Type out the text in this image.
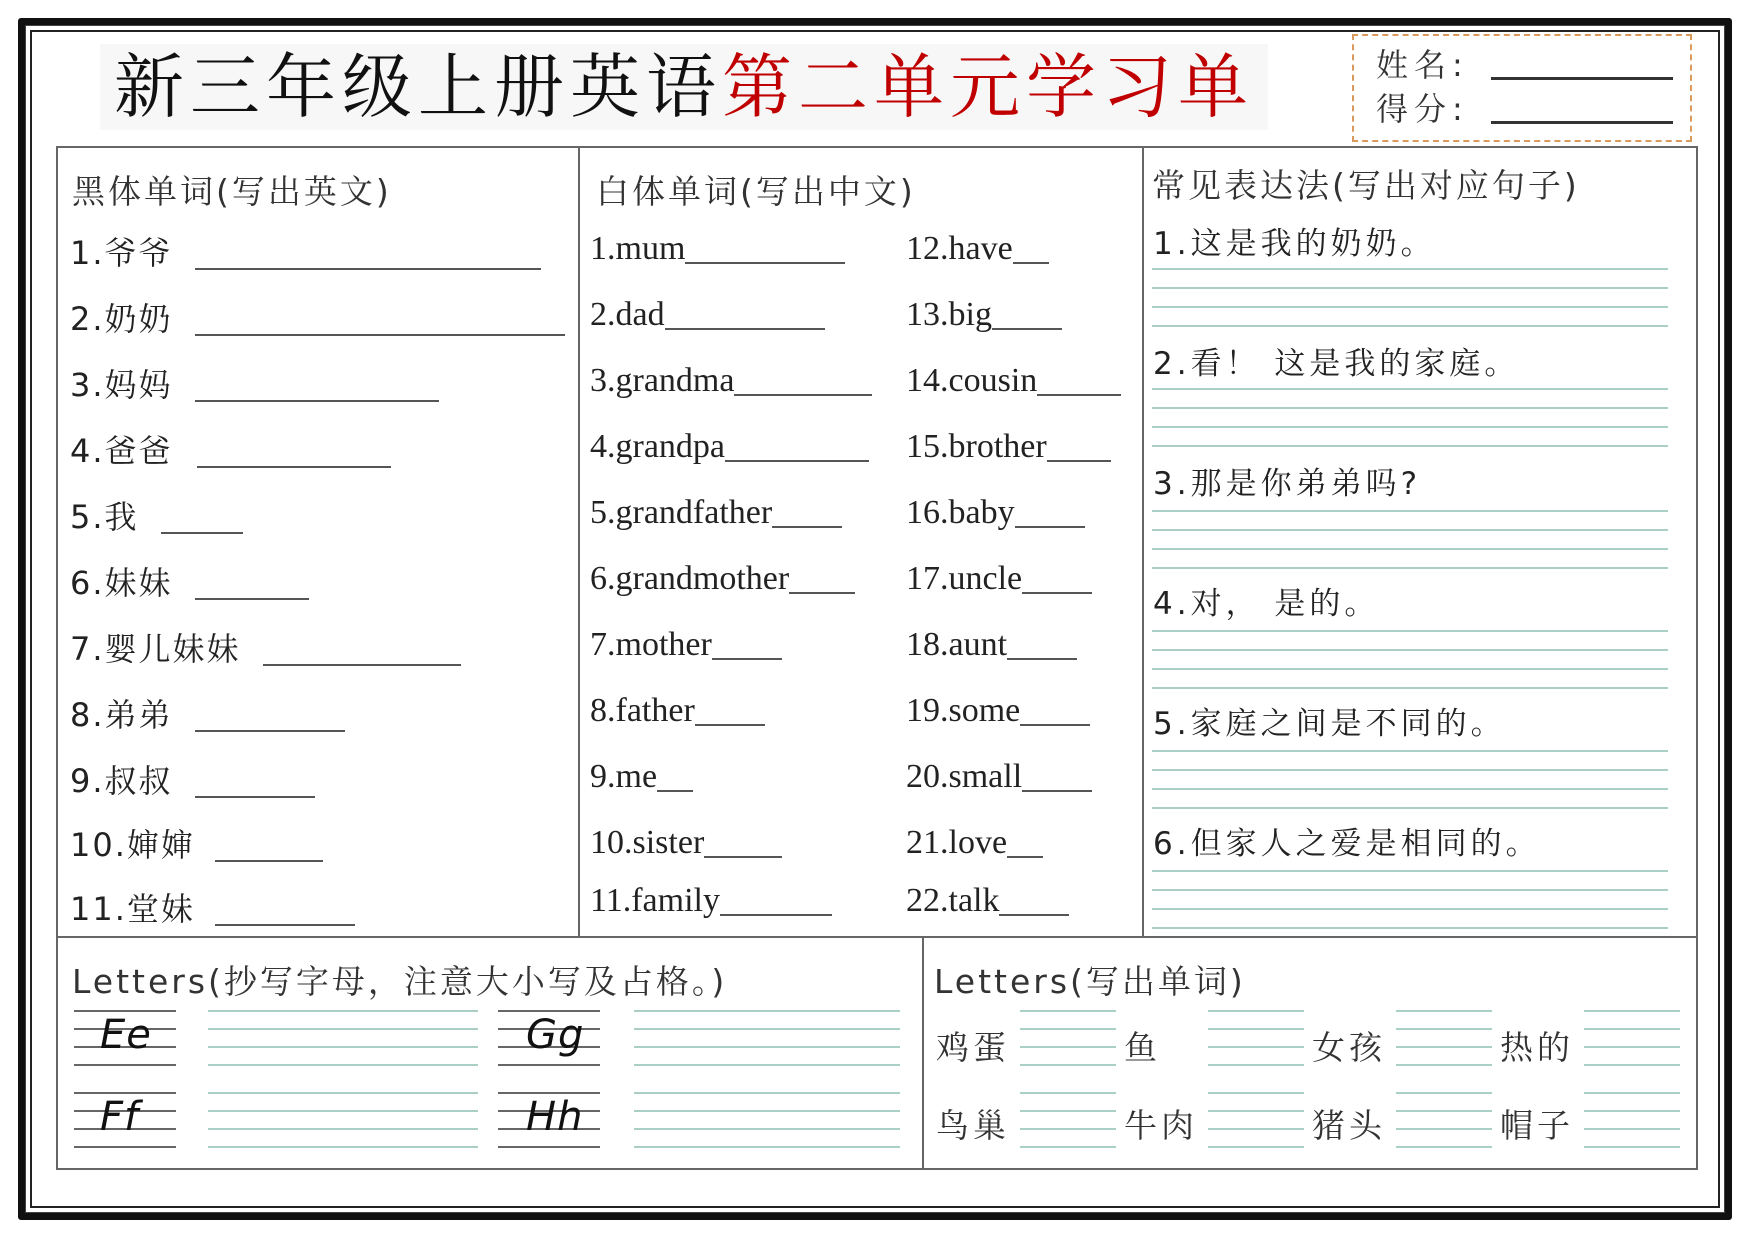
新三年级上册英语第二单元学习单	姓名:
得分:
黑体单词(写出英文)
1.爷爷
2.奶奶
3.妈妈
4.爸爸
5.我
6.妹妹
7.婴儿妹妹
8.弟弟
9.叔叔
10.婶婶
11.堂妹
白体单词(写出中文)
1.mum
2.dad
3.grandma
4.grandpa
5.grandfather
6.grandmother
7.mother
8.father
9.me
10.sister
11.family
12.have
13.big
14.cousin
15.brother
16.baby
17.uncle
18.aunt
19.some
20.small
21.love
22.talk
常见表达法(写出对应句子)
1.这是我的奶奶。
2.看！ 这是我的家庭。
3.那是你弟弟吗?
4.对， 是的。
5.家庭之间是不同的。
6.但家人之爱是相同的。
Letters(抄写字母，注意大小写及占格。)
Ee
Ff
Gg
Hh
Letters(写出单词)
鸡蛋	鱼	女孩	热的
鸟巢	牛肉	猪头	帽子
